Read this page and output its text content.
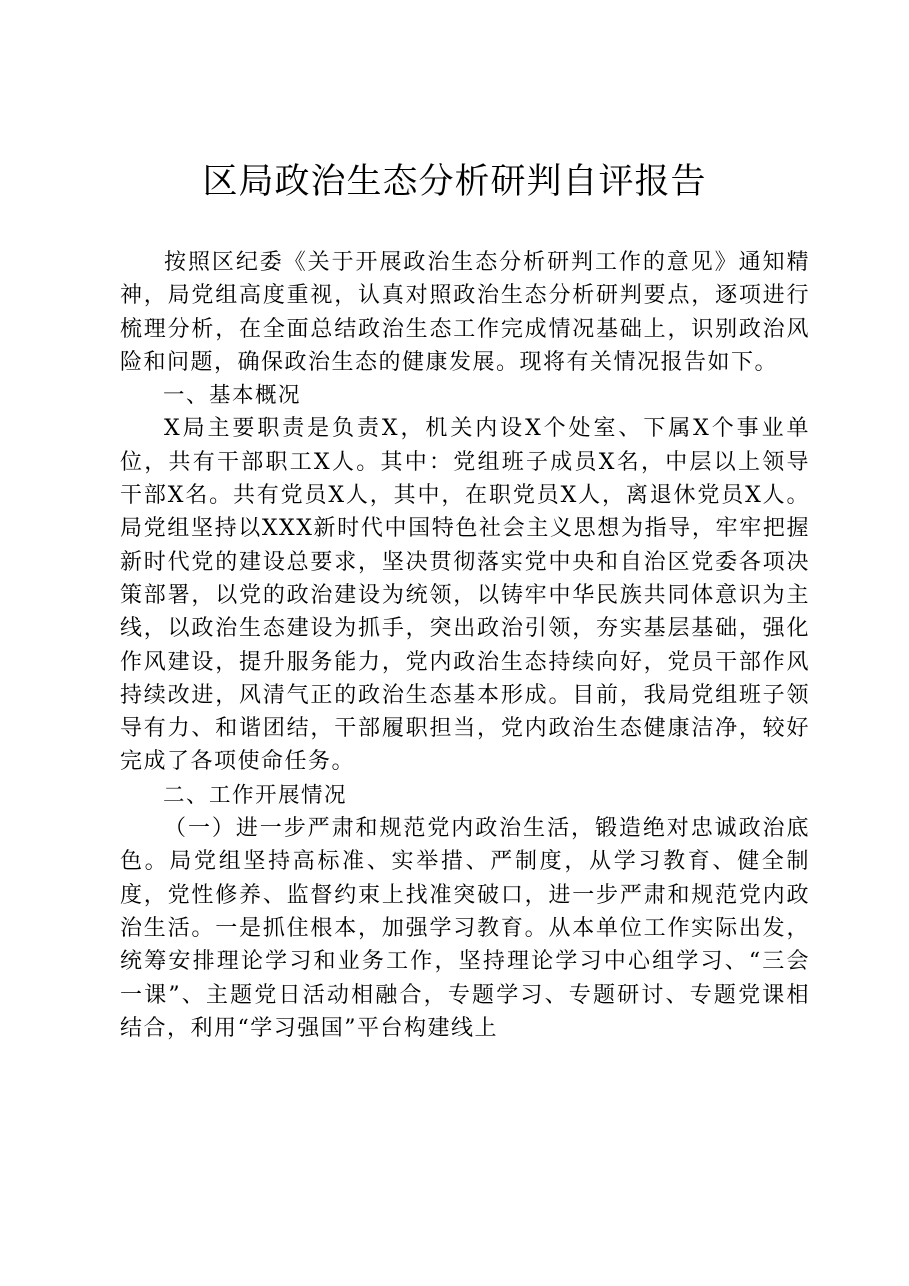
区局政治生态分析研判自评报告

按照区纪委《关于开展政治生态分析研判工作的意见》通知精神，局党组高度重视，认真对照政治生态分析研判要点，逐项进行梳理分析，在全面总结政治生态工作完成情况基础上，识别政治风险和问题，确保政治生态的健康发展。现将有关情况报告如下。

一、基本概况

X局主要职责是负责X，机关内设X个处室、下属X个事业单位，共有干部职工X人。其中：党组班子成员X名，中层以上领导干部X名。共有党员X人，其中，在职党员X人，离退休党员X人。局党组坚持以XXX新时代中国特色社会主义思想为指导，牢牢把握新时代党的建设总要求，坚决贯彻落实党中央和自治区党委各项决策部署，以党的政治建设为统领，以铸牢中华民族共同体意识为主线，以政治生态建设为抓手，突出政治引领，夯实基层基础，强化作风建设，提升服务能力，党内政治生态持续向好，党员干部作风持续改进，风清气正的政治生态基本形成。目前，我局党组班子领导有力、和谐团结，干部履职担当，党内政治生态健康洁净，较好完成了各项使命任务。

二、工作开展情况

（一）进一步严肃和规范党内政治生活，锻造绝对忠诚政治底色。局党组坚持高标准、实举措、严制度，从学习教育、健全制度，党性修养、监督约束上找准突破口，进一步严肃和规范党内政治生活。一是抓住根本，加强学习教育。从本单位工作实际出发，统筹安排理论学习和业务工作，坚持理论学习中心组学习、“三会一课”、主题党日活动相融合，专题学习、专题研讨、专题党课相结合，利用“学习强国”平台构建线上
